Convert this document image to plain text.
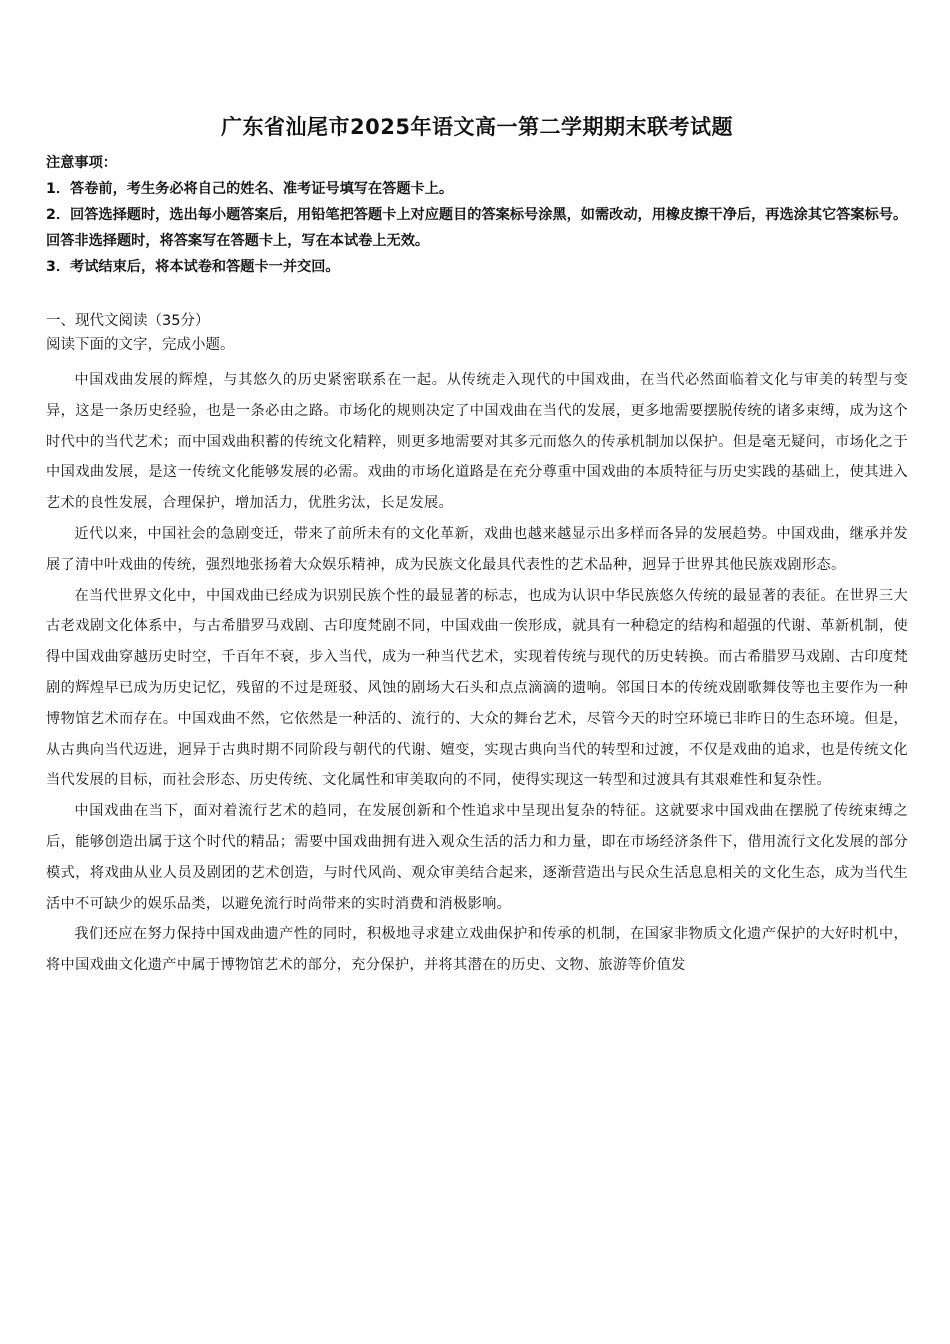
广东省汕尾市2025年语文高一第二学期期末联考试题

注意事项：

1．答卷前，考生务必将自己的姓名、准考证号填写在答题卡上。

2．回答选择题时，选出每小题答案后，用铅笔把答题卡上对应题目的答案标号涂黑，如需改动，用橡皮擦干净后，再选涂其它答案标号。回答非选择题时，将答案写在答题卡上，写在本试卷上无效。

3．考试结束后，将本试卷和答题卡一并交回。

一、现代文阅读（35分）
阅读下面的文字，完成小题。

中国戏曲发展的辉煌，与其悠久的历史紧密联系在一起。从传统走入现代的中国戏曲，在当代必然面临着文化与审美的转型与变异，这是一条历史经验，也是一条必由之路。市场化的规则决定了中国戏曲在当代的发展，更多地需要摆脱传统的诸多束缚，成为这个时代中的当代艺术；而中国戏曲积蓄的传统文化精粹，则更多地需要对其多元而悠久的传承机制加以保护。但是毫无疑问，市场化之于中国戏曲发展，是这一传统文化能够发展的必需。戏曲的市场化道路是在充分尊重中国戏曲的本质特征与历史实践的基础上，使其进入艺术的良性发展，合理保护，增加活力，优胜劣汰，长足发展。

近代以来，中国社会的急剧变迁，带来了前所未有的文化革新，戏曲也越来越显示出多样而各异的发展趋势。中国戏曲，继承并发展了清中叶戏曲的传统，强烈地张扬着大众娱乐精神，成为民族文化最具代表性的艺术品种，迥异于世界其他民族戏剧形态。

在当代世界文化中，中国戏曲已经成为识别民族个性的最显著的标志，也成为认识中华民族悠久传统的最显著的表征。在世界三大古老戏剧文化体系中，与古希腊罗马戏剧、古印度梵剧不同，中国戏曲一俟形成，就具有一种稳定的结构和超强的代谢、革新机制，使得中国戏曲穿越历史时空，千百年不衰，步入当代，成为一种当代艺术，实现着传统与现代的历史转换。而古希腊罗马戏剧、古印度梵剧的辉煌早已成为历史记忆，残留的不过是斑驳、风蚀的剧场大石头和点点滴滴的遗响。邻国日本的传统戏剧歌舞伎等也主要作为一种博物馆艺术而存在。中国戏曲不然，它依然是一种活的、流行的、大众的舞台艺术，尽管今天的时空环境已非昨日的生态环境。但是，从古典向当代迈进，迥异于古典时期不同阶段与朝代的代谢、嬗变，实现古典向当代的转型和过渡，不仅是戏曲的追求，也是传统文化当代发展的目标，而社会形态、历史传统、文化属性和审美取向的不同，使得实现这一转型和过渡具有其艰难性和复杂性。

中国戏曲在当下，面对着流行艺术的趋同，在发展创新和个性追求中呈现出复杂的特征。这就要求中国戏曲在摆脱了传统束缚之后，能够创造出属于这个时代的精品；需要中国戏曲拥有进入观众生活的活力和力量，即在市场经济条件下，借用流行文化发展的部分模式，将戏曲从业人员及剧团的艺术创造，与时代风尚、观众审美结合起来，逐渐营造出与民众生活息息相关的文化生态，成为当代生活中不可缺少的娱乐品类，以避免流行时尚带来的实时消费和消极影响。

我们还应在努力保持中国戏曲遗产性的同时，积极地寻求建立戏曲保护和传承的机制，在国家非物质文化遗产保护的大好时机中，将中国戏曲文化遗产中属于博物馆艺术的部分，充分保护，并将其潜在的历史、文物、旅游等价值发
